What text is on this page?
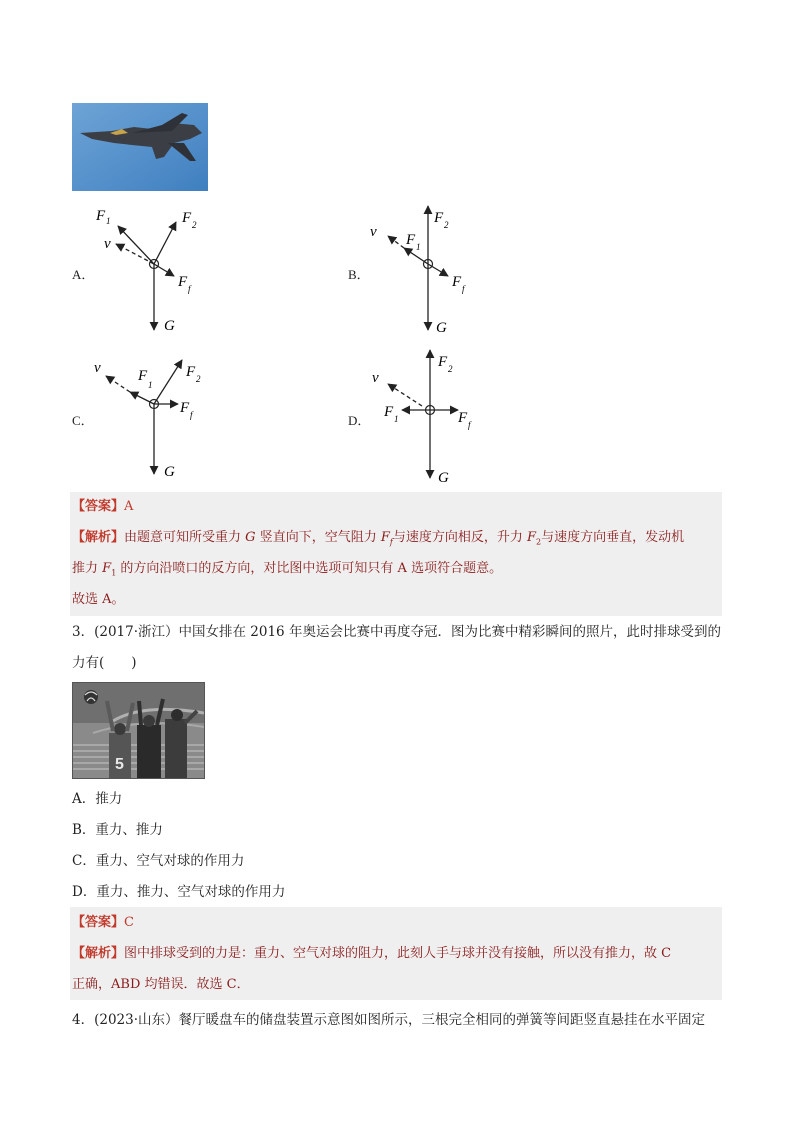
A．
F 1	F 2
v
F f
G
B．
F 2
F 1
v
F f
G
C．
F 2
F
1
v
F f
G
D．
F 2
F 1
v
F f
G
【答案】A
【解析】由题意可知所受重力 G 竖直向下，空气阻力 $F_f$与速度方向相反，升力 $F_2$与速度方向垂直，发动机
推力 $F_1$ 的方向沿喷口的反方向，对比图中选项可知只有 A 选项符合题意。
故选 A。
3．(2017·浙江）中国女排在 2016 年奥运会比赛中再度夺冠．图为比赛中精彩瞬间的照片，此时排球受到的
力有(　　)
5
A．推力
B．重力、推力
C．重力、空气对球的作用力
D．重力、推力、空气对球的作用力
【答案】C
【解析】图中排球受到的力是：重力、空气对球的阻力，此刻人手与球并没有接触，所以没有推力，故 C
正确，ABD 均错误．故选 C．
4．(2023·山东）餐厅暖盘车的储盘装置示意图如图所示，三根完全相同的弹簧等间距竖直悬挂在水平固定
